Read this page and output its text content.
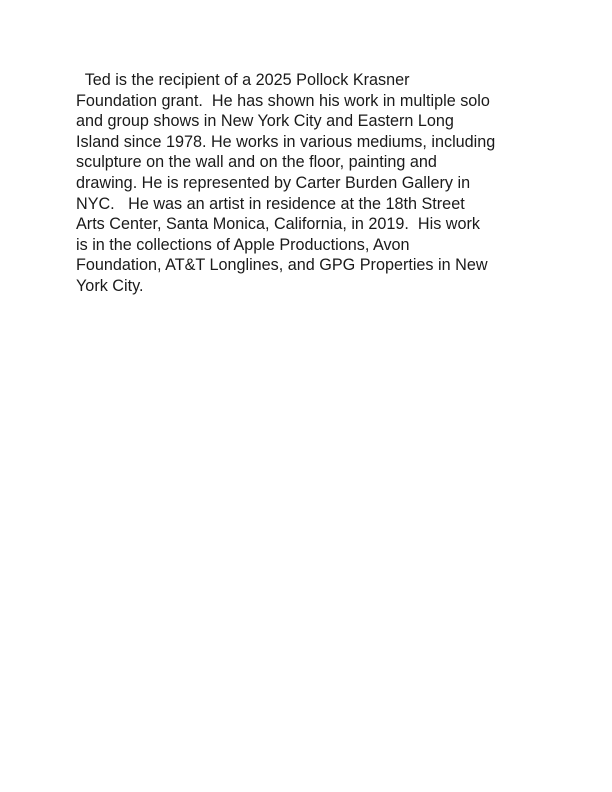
Ted is the recipient of a 2025 Pollock Krasner
Foundation grant.  He has shown his work in multiple solo
and group shows in New York City and Eastern Long
Island since 1978. He works in various mediums, including
sculpture on the wall and on the floor, painting and
drawing. He is represented by Carter Burden Gallery in
NYC.   He was an artist in residence at the 18th Street
Arts Center, Santa Monica, California, in 2019.  His work
is in the collections of Apple Productions, Avon
Foundation, AT&T Longlines, and GPG Properties in New
York City.
